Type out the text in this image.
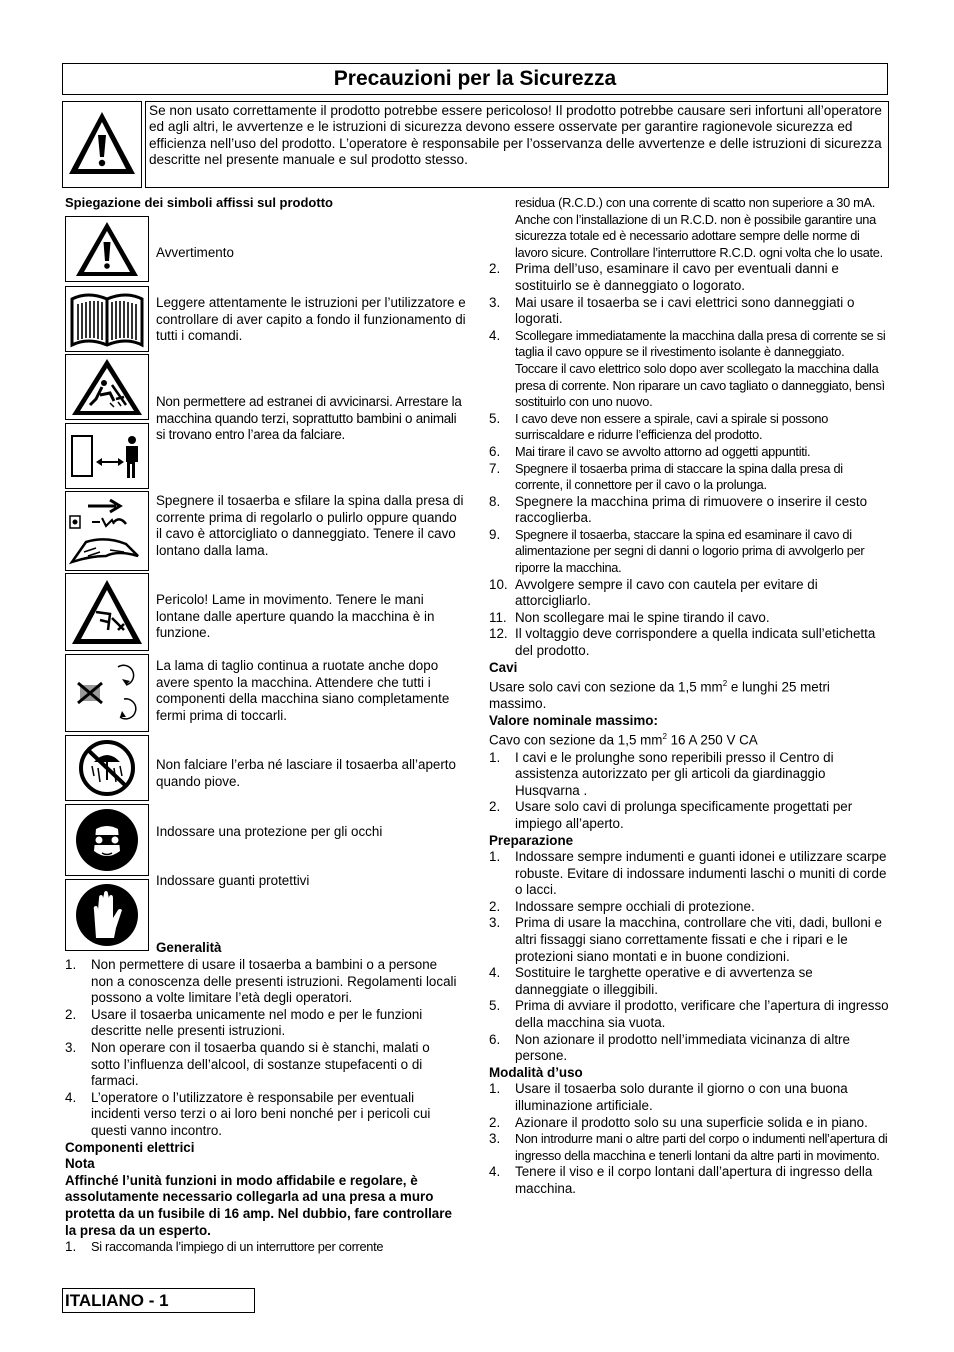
Precauzioni per la Sicurezza
Se non usato correttamente il prodotto potrebbe essere pericoloso! Il prodotto potrebbe causare seri infortuni all’operatore ed agli altri, le avvertenze e le istruzioni di sicurezza devono essere osservate per garantire ragionevole sicurezza ed efficienza nell’uso del prodotto. L’operatore è responsabile per l’osservanza delle avvertenze e delle istruzioni di sicurezza descritte nel presente manuale e sul prodotto stesso.
Spiegazione dei simboli affissi sul prodotto
Avvertimento
Leggere attentamente le istruzioni per l’utilizzatore e controllare di aver capito a fondo il funzionamento di tutti i comandi.
Non permettere ad estranei di avvicinarsi. Arrestare la macchina quando terzi, soprattutto bambini o animali si trovano entro l’area da falciare.
Spegnere il tosaerba e sfilare la spina dalla presa di corrente prima di regolarlo o pulirlo oppure quando il cavo è attorcigliato o danneggiato. Tenere il cavo lontano dalla lama.
Pericolo! Lame in movimento. Tenere le mani lontane dalle aperture quando la macchina è in funzione.
La lama di taglio continua a ruotate anche dopo avere spento la macchina. Attendere che tutti i componenti della macchina siano completamente fermi prima di toccarli.
Non falciare l’erba né lasciare il tosaerba all’aperto quando piove.
Indossare una protezione per gli occhi
Indossare guanti protettivi
Generalità
1. Non permettere di usare il tosaerba a bambini o a persone non a conoscenza delle presenti istruzioni. Regolamenti locali possono a volte limitare l’età degli operatori.
2. Usare il tosaerba unicamente nel modo e per le funzioni descritte nelle presenti istruzioni.
3. Non operare con il tosaerba quando si è stanchi, malati o sotto l’influenza dell’alcool, di sostanze stupefacenti o di farmaci.
4. L’operatore o l’utilizzatore è responsabile per eventuali incidenti verso terzi o ai loro beni nonché per i pericoli cui questi vanno incontro.
Componenti elettrici
Nota
Affinché l’unità funzioni in modo affidabile e regolare, è assolutamente necessario collegarla ad una presa a muro protetta da un fusibile di 16 amp. Nel dubbio, fare controllare la presa da un esperto.
1. Si raccomanda l’impiego di un interruttore per corrente
residua (R.C.D.) con una corrente di scatto non superiore a 30 mA. Anche con l’installazione di un R.C.D. non è possibile garantire una sicurezza totale ed è necessario adottare sempre delle norme di lavoro sicure. Controllare l’interruttore R.C.D. ogni volta che lo usate.
2. Prima dell’uso, esaminare il cavo per eventuali danni e sostituirlo se è danneggiato o logorato.
3. Mai usare il tosaerba se i cavi elettrici sono danneggiati o logorati.
4. Scollegare immediatamente la macchina dalla presa di corrente se si taglia il cavo oppure se il rivestimento isolante è danneggiato. Toccare il cavo elettrico solo dopo aver scollegato la macchina dalla presa di corrente. Non riparare un cavo tagliato o danneggiato, bensì sostituirlo con uno nuovo.
5. I cavo deve non essere a spirale, cavi a spirale si possono surriscaldare e ridurre l’efficienza del prodotto.
6. Mai tirare il cavo se avvolto attorno ad oggetti appuntiti.
7. Spegnere il tosaerba prima di staccare la spina dalla presa di corrente, il connettore per il cavo o la prolunga.
8. Spegnere la macchina prima di rimuovere o inserire il cesto raccoglierba.
9. Spegnere il tosaerba, staccare la spina ed esaminare il cavo di alimentazione per segni di danni o logorio prima di avvolgerlo per riporre la macchina.
10. Avvolgere sempre il cavo con cautela per evitare di attorcigliarlo.
11. Non scollegare mai le spine tirando il cavo.
12. Il voltaggio deve corrispondere a quella indicata sull’etichetta del prodotto.
Cavi
Usare solo cavi con sezione da 1,5 $mm^2$ e lunghi 25 metri massimo.
Valore nominale massimo:
Cavo con sezione da 1,5 $mm^2$ 16 A 250 V CA
1. I cavi e le prolunghe sono reperibili presso il Centro di assistenza autorizzato per gli articoli da giardinaggio Husqvarna .
2. Usare solo cavi di prolunga specificamente progettati per impiego all’aperto.
Preparazione
1. Indossare sempre indumenti e guanti idonei e utilizzare scarpe robuste. Evitare di indossare indumenti laschi o muniti di corde o lacci.
2. Indossare sempre occhiali di protezione.
3. Prima di usare la macchina, controllare che viti, dadi, bulloni e altri fissaggi siano correttamente fissati e che i ripari e le protezioni siano montati e in buone condizioni.
4. Sostituire le targhette operative e di avvertenza se danneggiate o illeggibili.
5. Prima di avviare il prodotto, verificare che l’apertura di ingresso della macchina sia vuota.
6. Non azionare il prodotto nell’immediata vicinanza di altre persone.
Modalità d’uso
1. Usare il tosaerba solo durante il giorno o con una buona illuminazione artificiale.
2. Azionare il prodotto solo su una superficie solida e in piano.
3. Non introdurre mani o altre parti del corpo o indumenti nell’apertura di ingresso della macchina e tenerli lontani da altre parti in movimento.
4. Tenere il viso e il corpo lontani dall’apertura di ingresso della macchina.
ITALIANO - 1
